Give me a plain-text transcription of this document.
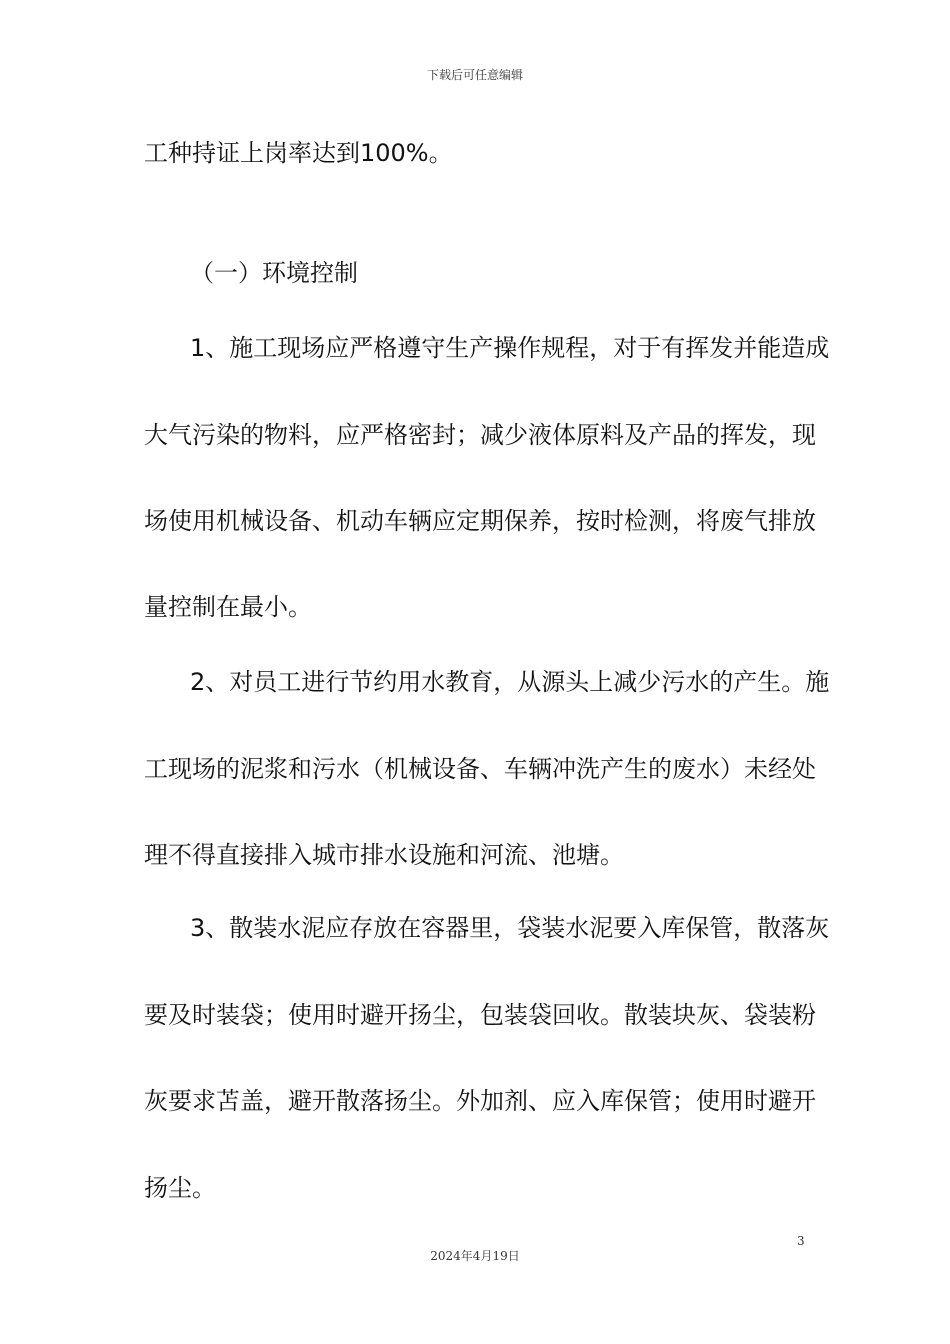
下载后可任意编辑
工种持证上岗率达到100%。
（一）环境控制
1、施工现场应严格遵守生产操作规程，对于有挥发并能造成
大气污染的物料，应严格密封；减少液体原料及产品的挥发，现
场使用机械设备、机动车辆应定期保养，按时检测，将废气排放
量控制在最小。
2、对员工进行节约用水教育，从源头上减少污水的产生。施
工现场的泥浆和污水（机械设备、车辆冲洗产生的废水）未经处
理不得直接排入城市排水设施和河流、池塘。
3、散装水泥应存放在容器里，袋装水泥要入库保管，散落灰
要及时装袋；使用时避开扬尘，包装袋回收。散装块灰、袋装粉
灰要求苫盖，避开散落扬尘。外加剂、应入库保管；使用时避开
扬尘。
3
2024年4月19日
